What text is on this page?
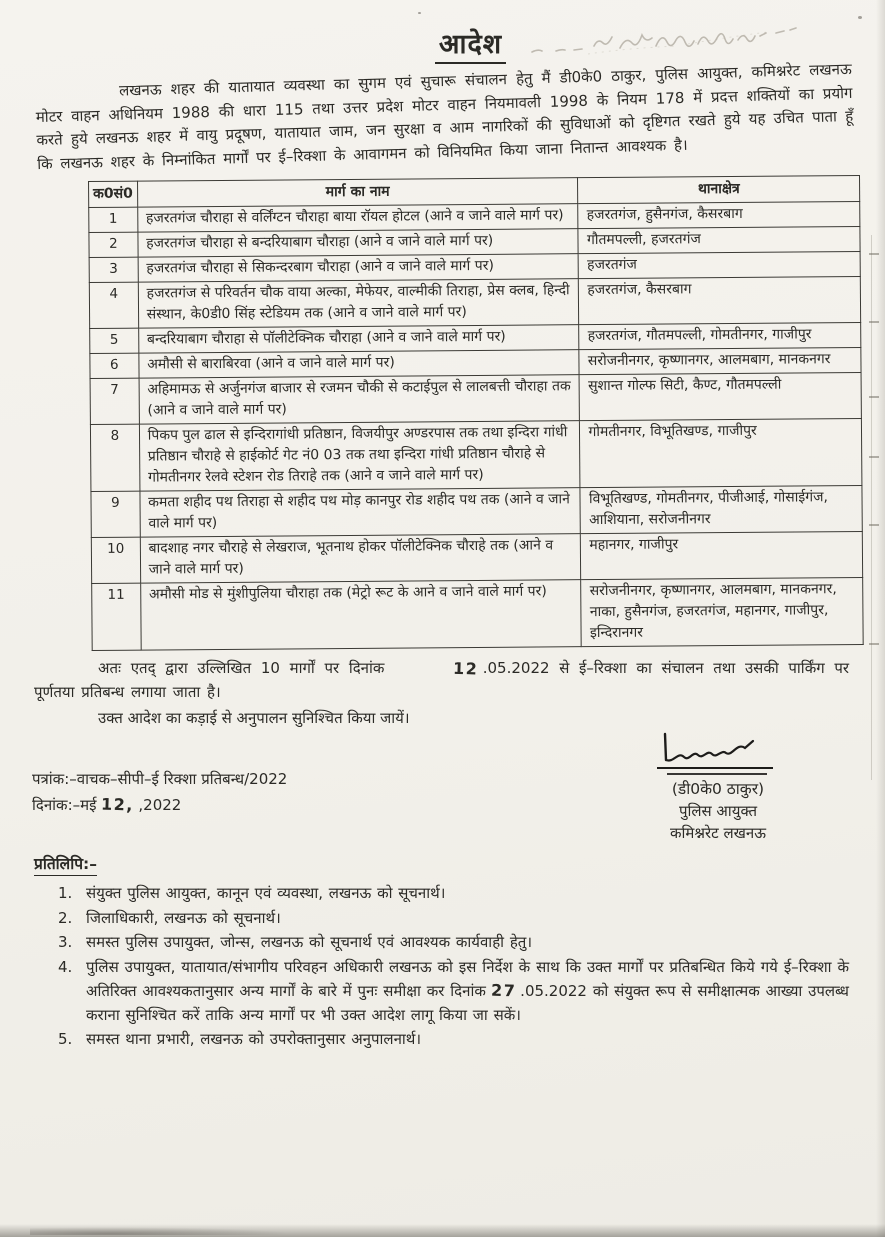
आदेश

लखनऊ शहर की यातायात व्यवस्था का सुगम एवं सुचारू संचालन हेतु मैं डी0के0 ठाकुर, पुलिस आयुक्त, कमिश्नरेट लखनऊ मोटर वाहन अधिनियम 1988 की धारा 115 तथा उत्तर प्रदेश मोटर वाहन नियमावली 1998 के नियम 178 में प्रदत्त शक्तियों का प्रयोग करते हुये लखनऊ शहर में वायु प्रदूषण, यातायात जाम, जन सुरक्षा व आम नागरिकों की सुविधाओं को दृष्टिगत रखते हुये यह उचित पाता हूँ कि लखनऊ शहर के निम्नांकित मार्गों पर ई–रिक्शा के आवागमन को विनियमित किया जाना नितान्त आवश्यक है।

क0सं0	मार्ग का नाम	थानाक्षेत्र
1	हजरतगंज चौराहा से वर्लिंग्टन चौराहा बाया रॉयल होटल (आने व जाने वाले मार्ग पर)	हजरतगंज, हुसैनगंज, कैसरबाग
2	हजरतगंज चौराहा से बन्दरियाबाग चौराहा (आने व जाने वाले मार्ग पर)	गौतमपल्ली, हजरतगंज
3	हजरतगंज चौराहा से सिकन्दरबाग चौराहा (आने व जाने वाले मार्ग पर)	हजरतगंज
4	हजरतगंज से परिवर्तन चौक वाया अल्का, मेफेयर, वाल्मीकी तिराहा, प्रेस क्लब, हिन्दी संस्थान, के0डी0 सिंह स्टेडियम तक (आने व जाने वाले मार्ग पर)	हजरतगंज, कैसरबाग
5	बन्दरियाबाग चौराहा से पॉलीटेक्निक चौराहा (आने व जाने वाले मार्ग पर)	हजरतगंज, गौतमपल्ली, गोमतीनगर, गाजीपुर
6	अमौसी से बाराबिरवा (आने व जाने वाले मार्ग पर)	सरोजनीनगर, कृष्णानगर, आलमबाग, मानकनगर
7	अहिमामऊ से अर्जुनगंज बाजार से रजमन चौकी से कटाईपुल से लालबत्ती चौराहा तक (आने व जाने वाले मार्ग पर)	सुशान्त गोल्फ सिटी, कैण्ट, गौतमपल्ली
8	पिकप पुल ढाल से इन्दिरागांधी प्रतिष्ठान, विजयीपुर अण्डरपास तक तथा इन्दिरा गांधी प्रतिष्ठान चौराहे से हाईकोर्ट गेट नं0 03 तक तथा इन्दिरा गांधी प्रतिष्ठान चौराहे से गोमतीनगर रेलवे स्टेशन रोड तिराहे तक (आने व जाने वाले मार्ग पर)	गोमतीनगर, विभूतिखण्ड, गाजीपुर
9	कमता शहीद पथ तिराहा से शहीद पथ मोड़ कानपुर रोड शहीद पथ तक (आने व जाने वाले मार्ग पर)	विभूतिखण्ड, गोमतीनगर, पीजीआई, गोसाईगंज, आशियाना, सरोजनीनगर
10	बादशाह नगर चौराहे से लेखराज, भूतनाथ होकर पॉलीटेक्निक चौराहे तक (आने व जाने वाले मार्ग पर)	महानगर, गाजीपुर
11	अमौसी मोड से मुंशीपुलिया चौराहा तक (मेट्रो रूट के आने व जाने वाले मार्ग पर)	सरोजनीनगर, कृष्णानगर, आलमबाग, मानकनगर, नाका, हुसैनगंज, हजरतगंज, महानगर, गाजीपुर, इन्दिरानगर

अतः एतद् द्वारा उल्लिखित 10 मार्गों पर दिनांक	12 .05.2022 से ई–रिक्शा का संचालन तथा उसकी पार्किंग पर पूर्णतया प्रतिबन्ध लगाया जाता है।

उक्त आदेश का कड़ाई से अनुपालन सुनिश्चित किया जायें।

पत्रांक:–वाचक–सीपी–ई रिक्शा प्रतिबन्ध/2022
दिनांक:–मई 12, ,2022
(डी0के0 ठाकुर)
पुलिस आयुक्त
कमिश्नरेट लखनऊ
प्रतिलिपि:–
1. संयुक्त पुलिस आयुक्त, कानून एवं व्यवस्था, लखनऊ को सूचनार्थ।
2. जिलाधिकारी, लखनऊ को सूचनार्थ।
3. समस्त पुलिस उपायुक्त, जोन्स, लखनऊ को सूचनार्थ एवं आवश्यक कार्यवाही हेतु।
4. पुलिस उपायुक्त, यातायात/संभागीय परिवहन अधिकारी लखनऊ को इस निर्देश के साथ कि उक्त मार्गों पर प्रतिबन्धित किये गये ई–रिक्शा के अतिरिक्त आवश्यकतानुसार अन्य मार्गों के बारे में पुनः समीक्षा कर दिनांक 27 .05.2022 को संयुक्त रूप से समीक्षात्मक आख्या उपलब्ध कराना सुनिश्चित करें ताकि अन्य मार्गों पर भी उक्त आदेश लागू किया जा सकें।
5. समस्त थाना प्रभारी, लखनऊ को उपरोक्तानुसार अनुपालनार्थ।
